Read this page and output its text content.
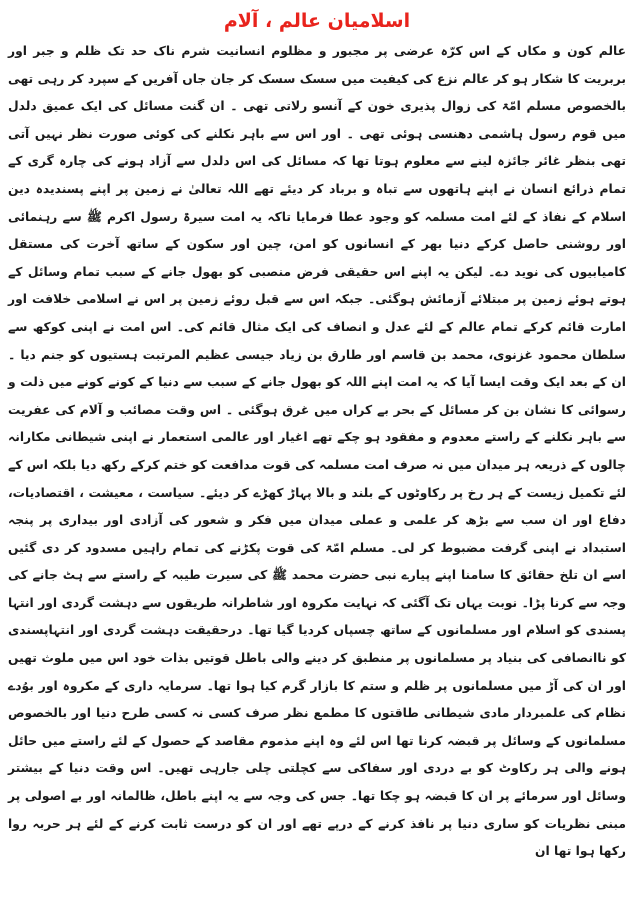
اسلامیان عالم ، آلام

عالم کون و مکاں کے اس کرّہ عرضی پر مجبور و مظلوم انسانیت شرم ناک حد تک ظلم و جبر اور بربریت کا شکار ہو کر عالم نزع کی کیفیت میں سسک سسک کر جان جاں آفریں کے سپرد کر رہی تھی بالخصوص مسلم امّۃ کی زوال پذیری خون کے آنسو رلاتی تھی ۔ ان گنت مسائل کی ایک عمیق دلدل میں قوم رسول ہاشمی دھنسی ہوئی تھی ۔ اور اس سے باہر نکلنے کی کوئی صورت نظر نہیں آتی تھی بنظر غائر جائزہ لینے سے معلوم ہوتا تھا کہ مسائل کی اس دلدل سے آزاد ہونے کی چارہ گری کے تمام ذرائع انسان نے اپنے ہاتھوں سے تباہ و برباد کر دیئے تھے اللہ تعالیٰ نے زمین پر اپنے پسندیدہ دین اسلام کے نفاذ کے لئے امت مسلمہ کو وجود عطا فرمایا تاکہ یہ امت سیرۃ رسول اکرم ﷺ سے رہنمائی اور روشنی حاصل کرکے دنیا بھر کے انسانوں کو امن، چین اور سکون کے ساتھ آخرت کی مستقل کامیابیوں کی نوید دے۔ لیکن یہ اپنے اس حقیقی فرض منصبی کو بھول جانے کے سبب تمام وسائل کے ہوتے ہوئے زمین پر مبتلائے آزمائش ہوگئی۔ جبکہ اس سے قبل روئے زمین پر اس نے اسلامی خلافت اور امارت قائم کرکے تمام عالم کے لئے عدل و انصاف کی ایک مثال قائم کی۔ اس امت نے اپنی کوکھ سے سلطان محمود غزنوی، محمد بن قاسم اور طارق بن زیاد جیسی عظیم المرتبت ہستیوں کو جنم دیا ۔ ان کے بعد ایک وقت ایسا آیا کہ یہ امت اپنے اللہ کو بھول جانے کے سبب سے دنیا کے کونے کونے میں ذلت و رسوائی کا نشان بن کر مسائل کے بحر بے کراں میں غرق ہوگئی ۔ اس وقت مصائب و آلام کی عفریت سے باہر نکلنے کے راستے معدوم و مفقود ہو چکے تھے اغیار اور عالمی استعمار نے اپنی شیطانی مکارانہ چالوں کے ذریعہ ہر میدان میں نہ صرف امت مسلمہ کی قوت مدافعت کو ختم کرکے رکھ دیا بلکہ اس کے لئے تکمیل زیست کے ہر رخ پر رکاوٹوں کے بلند و بالا پہاڑ کھڑے کر دیئے۔ سیاست ، معیشت ، اقتصادیات، دفاع اور ان سب سے بڑھ کر علمی و عملی میدان میں فکر و شعور کی آزادی اور بیداری پر پنجہ استبداد نے اپنی گرفت مضبوط کر لی۔ مسلم امّۃ کی قوت پکڑنے کی تمام راہیں مسدود کر دی گئیں اسے ان تلخ حقائق کا سامنا اپنے پیارے نبی حضرت محمد ﷺ کی سیرت طیبہ کے راستے سے ہٹ جانے کی وجہ سے کرنا پڑا۔ نوبت یہاں تک آگئی کہ نہایت مکروہ اور شاطرانہ طریقوں سے دہشت گردی اور انتہا پسندی کو اسلام اور مسلمانوں کے ساتھ چسپاں کردیا گیا تھا۔ درحقیقت دہشت گردی اور انتہاپسندی کو ناانصافی کی بنیاد پر مسلمانوں پر منطبق کر دینے والی باطل قوتیں بذات خود اس میں ملوث تھیں اور ان کی آڑ میں مسلمانوں پر ظلم و ستم کا بازار گرم کیا ہوا تھا۔ سرمایہ داری کے مکروہ اور بوُدے نظام کی علمبردار مادی شیطانی طاقتوں کا مطمع نظر صرف کسی نہ کسی طرح دنیا اور بالخصوص مسلمانوں کے وسائل پر قبضہ کرنا تھا اس لئے وہ اپنے مذموم مقاصد کے حصول کے لئے راستے میں حائل ہونے والی ہر رکاوٹ کو بے دردی اور سفاکی سے کچلتی چلی جارہی تھیں۔ اس وقت دنیا کے بیشتر وسائل اور سرمائے پر ان کا قبضہ ہو چکا تھا۔ جس کی وجہ سے یہ اپنے باطل، ظالمانہ اور بے اصولی پر مبنی نظریات کو ساری دنیا پر نافذ کرنے کے درپے تھے اور ان کو درست ثابت کرنے کے لئے ہر حربہ روا رکھا ہوا تھا ان
